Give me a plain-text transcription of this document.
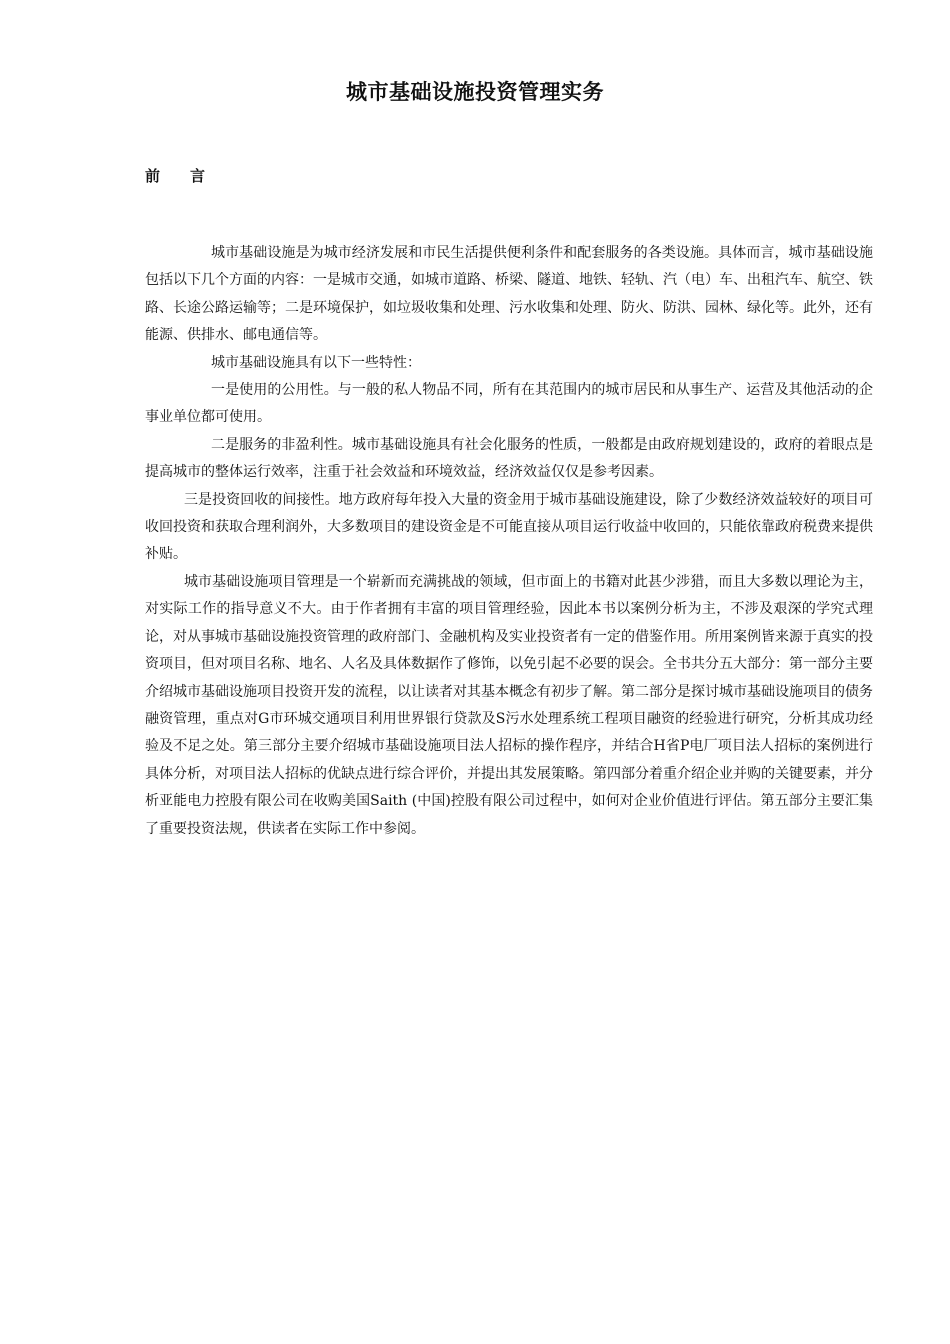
城市基础设施投资管理实务
前言

城市基础设施是为城市经济发展和市民生活提供便利条件和配套服务的各类设施。具体而言，城市基础设施包括以下几个方面的内容：一是城市交通，如城市道路、桥梁、隧道、地铁、轻轨、汽（电）车、出租汽车、航空、铁路、长途公路运输等；二是环境保护，如垃圾收集和处理、污水收集和处理、防火、防洪、园林、绿化等。此外，还有能源、供排水、邮电通信等。

城市基础设施具有以下一些特性：

一是使用的公用性。与一般的私人物品不同，所有在其范围内的城市居民和从事生产、运营及其他活动的企事业单位都可使用。

二是服务的非盈利性。城市基础设施具有社会化服务的性质，一般都是由政府规划建设的，政府的着眼点是提高城市的整体运行效率，注重于社会效益和环境效益，经济效益仅仅是参考因素。

三是投资回收的间接性。地方政府每年投入大量的资金用于城市基础设施建设，除了少数经济效益较好的项目可收回投资和获取合理利润外，大多数项目的建设资金是不可能直接从项目运行收益中收回的，只能依靠政府税费来提供补贴。

城市基础设施项目管理是一个崭新而充满挑战的领域，但市面上的书籍对此甚少涉猎，而且大多数以理论为主，对实际工作的指导意义不大。由于作者拥有丰富的项目管理经验，因此本书以案例分析为主，不涉及艰深的学究式理论，对从事城市基础设施投资管理的政府部门、金融机构及实业投资者有一定的借鉴作用。所用案例皆来源于真实的投资项目，但对项目名称、地名、人名及具体数据作了修饰，以免引起不必要的误会。全书共分五大部分：第一部分主要介绍城市基础设施项目投资开发的流程，以让读者对其基本概念有初步了解。第二部分是探讨城市基础设施项目的债务融资管理，重点对G市环城交通项目利用世界银行贷款及S污水处理系统工程项目融资的经验进行研究，分析其成功经验及不足之处。第三部分主要介绍城市基础设施项目法人招标的操作程序，并结合H省P电厂项目法人招标的案例进行具体分析，对项目法人招标的优缺点进行综合评价，并提出其发展策略。第四部分着重介绍企业并购的关键要素，并分析亚能电力控股有限公司在收购美国Saith (中国)控股有限公司过程中，如何对企业价值进行评估。第五部分主要汇集了重要投资法规，供读者在实际工作中参阅。
